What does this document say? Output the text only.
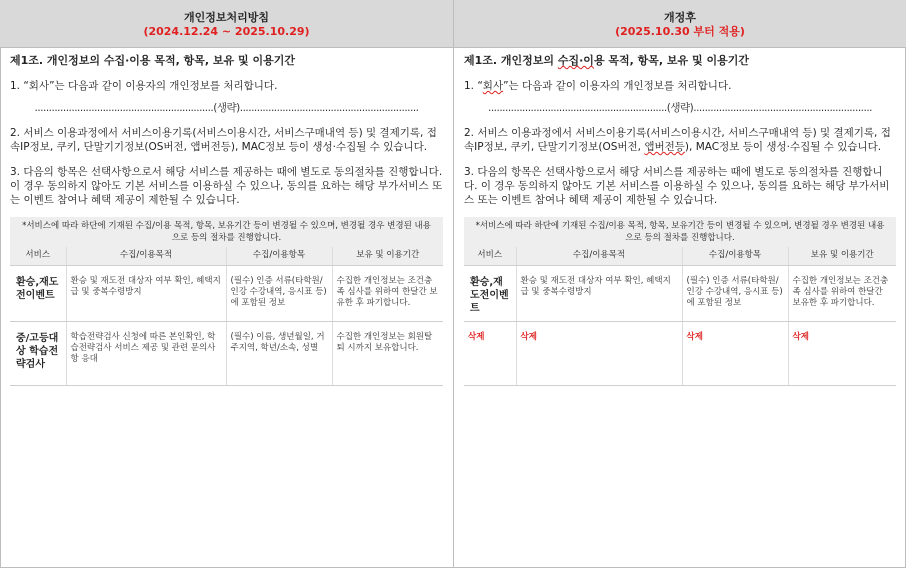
개인정보처리방침
(2024.12.24 ~ 2025.10.29)
제1조. 개인정보의 수집·이용 목적, 항목, 보유 및 이용기간
1. “회사”는 다음과 같이 이용자의 개인정보를 처리합니다.
...............................................................(생략)...............................................................
2. 서비스 이용과정에서 서비스이용기록(서비스이용시간, 서비스구매내역 등) 및 결제기록, 접속IP정보, 쿠키, 단말기기정보(OS버전, 앱버전등), MAC정보 등이 생성·수집될 수 있습니다.
3. 다음의 항목은 선택사항으로서 해당 서비스를 제공하는 때에 별도로 동의절차를 진행합니다. 이 경우 동의하지 않아도 기본 서비스를 이용하실 수 있으나, 동의를 요하는 해당 부가서비스 또는 이벤트 참여나 혜택 제공이 제한될 수 있습니다.
*서비스에 따라 하단에 기재된 수집/이용 목적, 항목, 보유기간 등이 변경될 수 있으며, 변경될 경우 변경된 내용으로 등의 절차를 진행합니다.
서비스	수집/이용목적	수집/이용항목	보유 및 이용기간
환승,재도전이벤트	환승 및 재도전 대상자 여부 확인, 혜택지급 및 중복수령방지	(필수) 인증 서류(타학원/인강 수강내역, 응시표 등)에 포함된 정보	수집한 개인정보는 조건충족 심사를 위하여 한달간 보유한 후 파기합니다.
중/고등대상 학습전략검사	학습전략검사 신청에 따른 본인확인, 학습전략검사 서비스 제공 및 관련 문의사항 응대	(필수) 이름, 생년월일, 거주지역, 학년/소속, 성별	수집한 개인정보는 회원탈퇴 시까지 보유합니다.
개정후
(2025.10.30 부터 적용)
제1조. 개인정보의 수집·이용 목적, 항목, 보유 및 이용기간
1. “회사”는 다음과 같이 이용자의 개인정보를 처리합니다.
...............................................................(생략)...............................................................
2. 서비스 이용과정에서 서비스이용기록(서비스이용시간, 서비스구매내역 등) 및 결제기록, 접속IP정보, 쿠키, 단말기기정보(OS버전, 앱버전등), MAC정보 등이 생성·수집될 수 있습니다.
3. 다음의 항목은 선택사항으로서 해당 서비스를 제공하는 때에 별도로 동의절차를 진행합니다. 이 경우 동의하지 않아도 기본 서비스를 이용하실 수 있으나, 동의를 요하는 해당 부가서비스 또는 이벤트 참여나 혜택 제공이 제한될 수 있습니다.
*서비스에 따라 하단에 기재된 수집/이용 목적, 항목, 보유기간 등이 변경될 수 있으며, 변경될 경우 변경된 내용으로 등의 절차를 진행합니다.
서비스	수집/이용목적	수집/이용항목	보유 및 이용기간
환승,재도전이벤트	환승 및 재도전 대상자 여부 확인, 혜택지급 및 중복수령방지	(필수) 인증 서류(타학원/인강 수강내역, 응시표 등)에 포함된 정보	수집한 개인정보는 조건충족 심사를 위하여 한달간 보유한 후 파기합니다.
삭제	삭제	삭제	삭제
